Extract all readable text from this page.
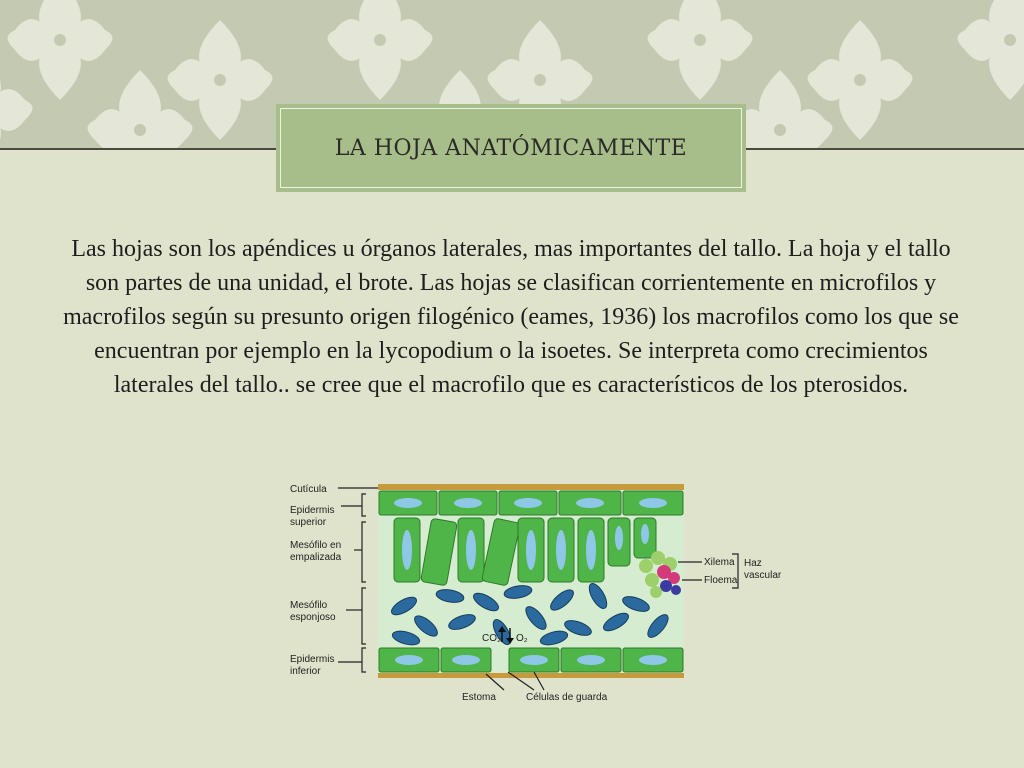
LA HOJA ANATÓMICAMENTE
Las hojas son los apéndices u órganos laterales, mas importantes del tallo. La hoja y el tallo son partes de una unidad, el brote. Las hojas se clasifican corrientemente en microfilos y macrofilos según su presunto origen filogénico (eames, 1936) los macrofilos como los que se encuentran por ejemplo en la lycopodium o la isoetes. Se interpreta como crecimientos laterales del tallo.. se cree que el macrofilo que es característicos de los pterosidos.
CO₂ O₂
Cutícula
Epidermis
superior
Mesófilo en
empalizada
Mesófilo
esponjoso
Epidermis
inferior
Estoma	Células de guarda
Xilema
Floema
Haz
vascular
